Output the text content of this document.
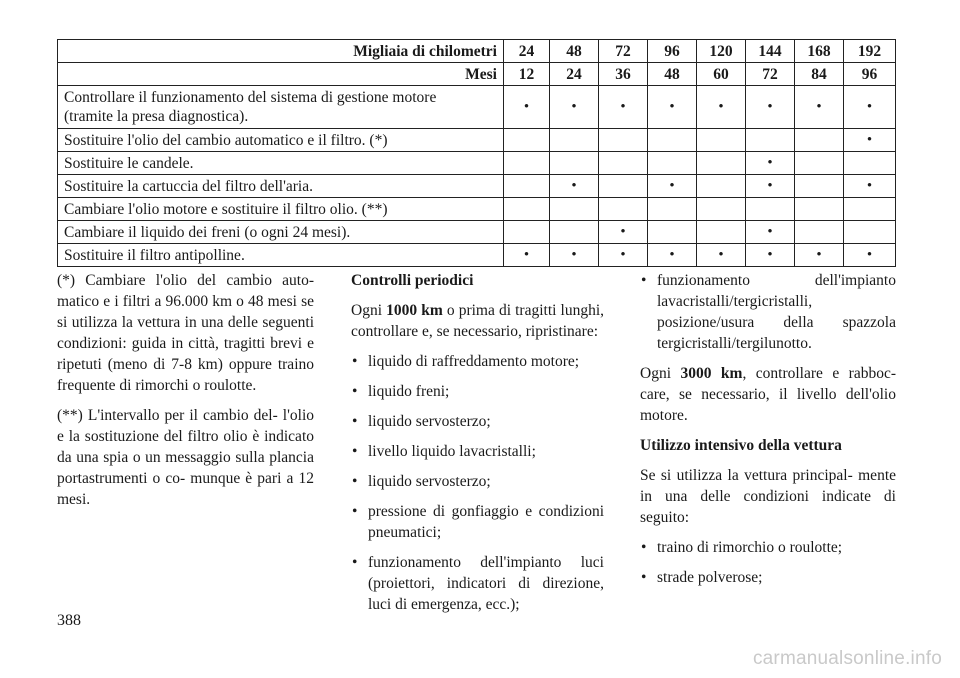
Migliaia di chilometri	24	48	72	96	120	144	168	192
Mesi	12	24	36	48	60	72	84	96
Controllare il funzionamento del sistema di gestione motore (tramite la presa diagnostica).	•	•	•	•	•	•	•	•
Sostituire l'olio del cambio automatico e il filtro. (*)								•
Sostituire le candele.						•		
Sostituire la cartuccia del filtro dell'aria.		•		•		•		•
Cambiare l'olio motore e sostituire il filtro olio. (**)								
Cambiare il liquido dei freni (o ogni 24 mesi).			•			•		
Sostituire il filtro antipolline.	•	•	•	•	•	•	•	•

(*) Cambiare l'olio del cambio auto- matico e i filtri a 96.000 km o 48 mesi se si utilizza la vettura in una delle seguenti condizioni: guida in città, tragitti brevi e ripetuti (meno di 7-8 km) oppure traino frequente di rimorchi o roulotte.

(**) L'intervallo per il cambio del- l'olio e la sostituzione del filtro olio è indicato da una spia o un messaggio sulla plancia portastrumenti o co- munque è pari a 12 mesi.

Controlli periodici

Ogni 1000 km o prima di tragitti lunghi, controllare e, se necessario, ripristinare:

• liquido di raffreddamento motore;
• liquido freni;
• liquido servosterzo;
• livello liquido lavacristalli;
• liquido servosterzo;
• pressione di gonfiaggio e condizioni pneumatici;
• funzionamento dell'impianto luci (proiettori, indicatori di direzione, luci di emergenza, ecc.);
• funzionamento dell'impianto lavacristalli/tergicristalli, posizione/usura della spazzola tergicristalli/tergilunotto.

Ogni 3000 km, controllare e rabboc- care, se necessario, il livello dell'olio motore.

Utilizzo intensivo della vettura

Se si utilizza la vettura principal- mente in una delle condizioni indicate di seguito:

• traino di rimorchio o roulotte;
• strade polverose;
388
carmanualsonline.info
